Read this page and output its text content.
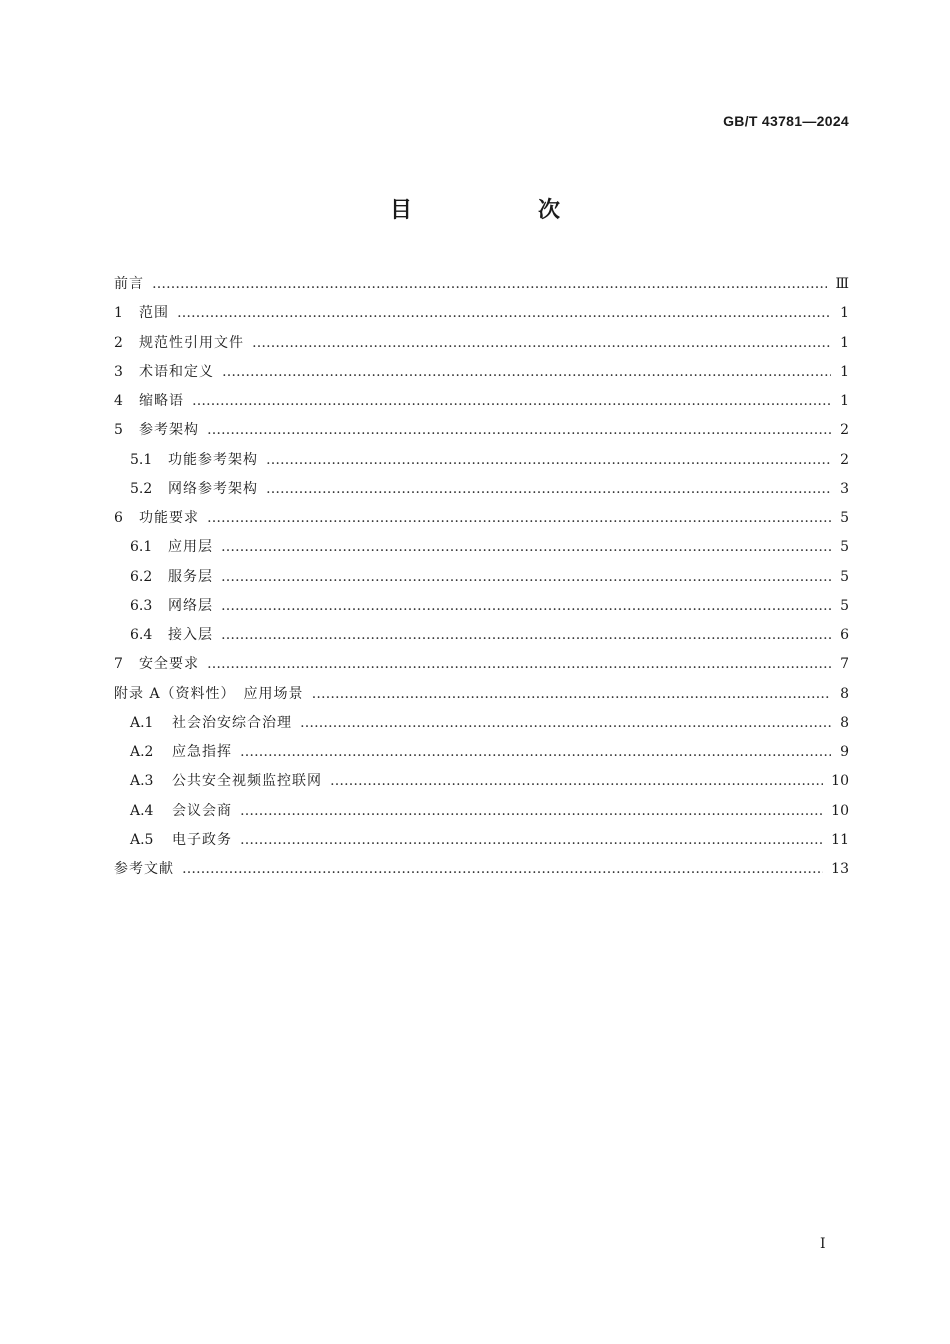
GB/T 43781—2024
目　次
前言 …………………………………………………………………………………………………………………………………………………………………………………………………………………………………………	Ⅲ
1	范围 …………………………………………………………………………………………………………………………………………………………………………………………………………………………………………	1
2	规范性引用文件 …………………………………………………………………………………………………………………………………………………………………………………………………………………………………………	1
3	术语和定义 …………………………………………………………………………………………………………………………………………………………………………………………………………………………………………	1
4	缩略语 …………………………………………………………………………………………………………………………………………………………………………………………………………………………………………	1
5	参考架构 …………………………………………………………………………………………………………………………………………………………………………………………………………………………………………	2
5.1	功能参考架构 …………………………………………………………………………………………………………………………………………………………………………………………………………………………………………	2
5.2	网络参考架构 …………………………………………………………………………………………………………………………………………………………………………………………………………………………………………	3
6	功能要求 …………………………………………………………………………………………………………………………………………………………………………………………………………………………………………	5
6.1	应用层 …………………………………………………………………………………………………………………………………………………………………………………………………………………………………………	5
6.2	服务层 …………………………………………………………………………………………………………………………………………………………………………………………………………………………………………	5
6.3	网络层 …………………………………………………………………………………………………………………………………………………………………………………………………………………………………………	5
6.4	接入层 …………………………………………………………………………………………………………………………………………………………………………………………………………………………………………	6
7	安全要求 …………………………………………………………………………………………………………………………………………………………………………………………………………………………………………	7
附录 A（资料性）　应用场景 …………………………………………………………………………………………………………………………………………………………………………………………………………………………………………	8
A.1	社会治安综合治理 …………………………………………………………………………………………………………………………………………………………………………………………………………………………………………	8
A.2	应急指挥 …………………………………………………………………………………………………………………………………………………………………………………………………………………………………………	9
A.3	公共安全视频监控联网 …………………………………………………………………………………………………………………………………………………………………………………………………………………………………………	10
A.4	会议会商 …………………………………………………………………………………………………………………………………………………………………………………………………………………………………………	10
A.5	电子政务 …………………………………………………………………………………………………………………………………………………………………………………………………………………………………………	11
参考文献 …………………………………………………………………………………………………………………………………………………………………………………………………………………………………………	13
I
